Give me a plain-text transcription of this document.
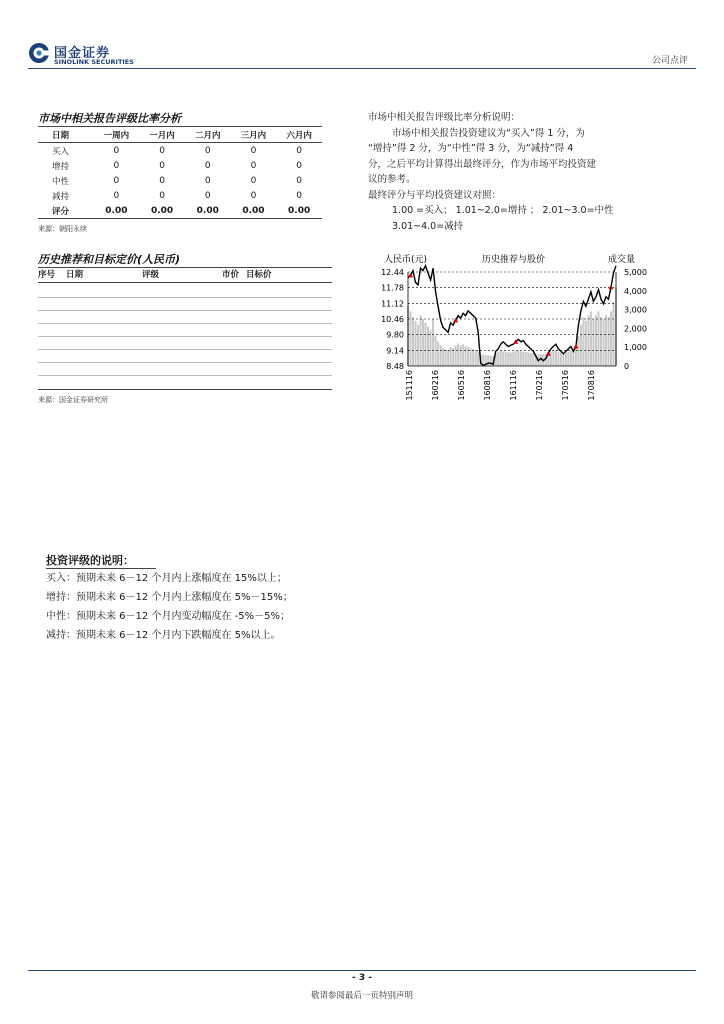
国金证券
SINOLINK SECURITIES	公司点评
市场中相关报告评级比率分析
日期	一周内	一月内	二月内	三月内	六月内
买入	0	0	0	0	0
增持	0	0	0	0	0
中性	0	0	0	0	0
减持	0	0	0	0	0
评分	0.00	0.00	0.00	0.00	0.00
来源：朝阳永续
市场中相关报告评级比率分析说明：
市场中相关报告投资建议为“买入”得 1 分，为
“增持”得 2 分，为“中性”得 3 分，为“减持”得 4
分，之后平均计算得出最终评分，作为市场平均投资建
议的参考。
最终评分与平均投资建议对照：
1.00 =买入； 1.01~2.0=增持 ； 2.01~3.0=中性
3.01~4.0=减持
历史推荐和目标定价(人民币)
序号 日期	评级	市价 目标价
来源：国金证券研究所
人民币(元)	历史推荐与股价	成交量
12.44
11.78
11.12
10.46
9.80
9.14
8.48
5,000
4,000
3,000
2,000
1,000
0
151116 160216 160516 160816 161116 170216 170516 170816
投资评级的说明：
买入：预期未来 6－12 个月内上涨幅度在 15%以上；
增持：预期未来 6－12 个月内上涨幅度在 5%－15%；
中性：预期未来 6－12 个月内变动幅度在 -5%－5%；
减持：预期未来 6－12 个月内下跌幅度在 5%以上。
- 3 -
敬请参阅最后一页特别声明
